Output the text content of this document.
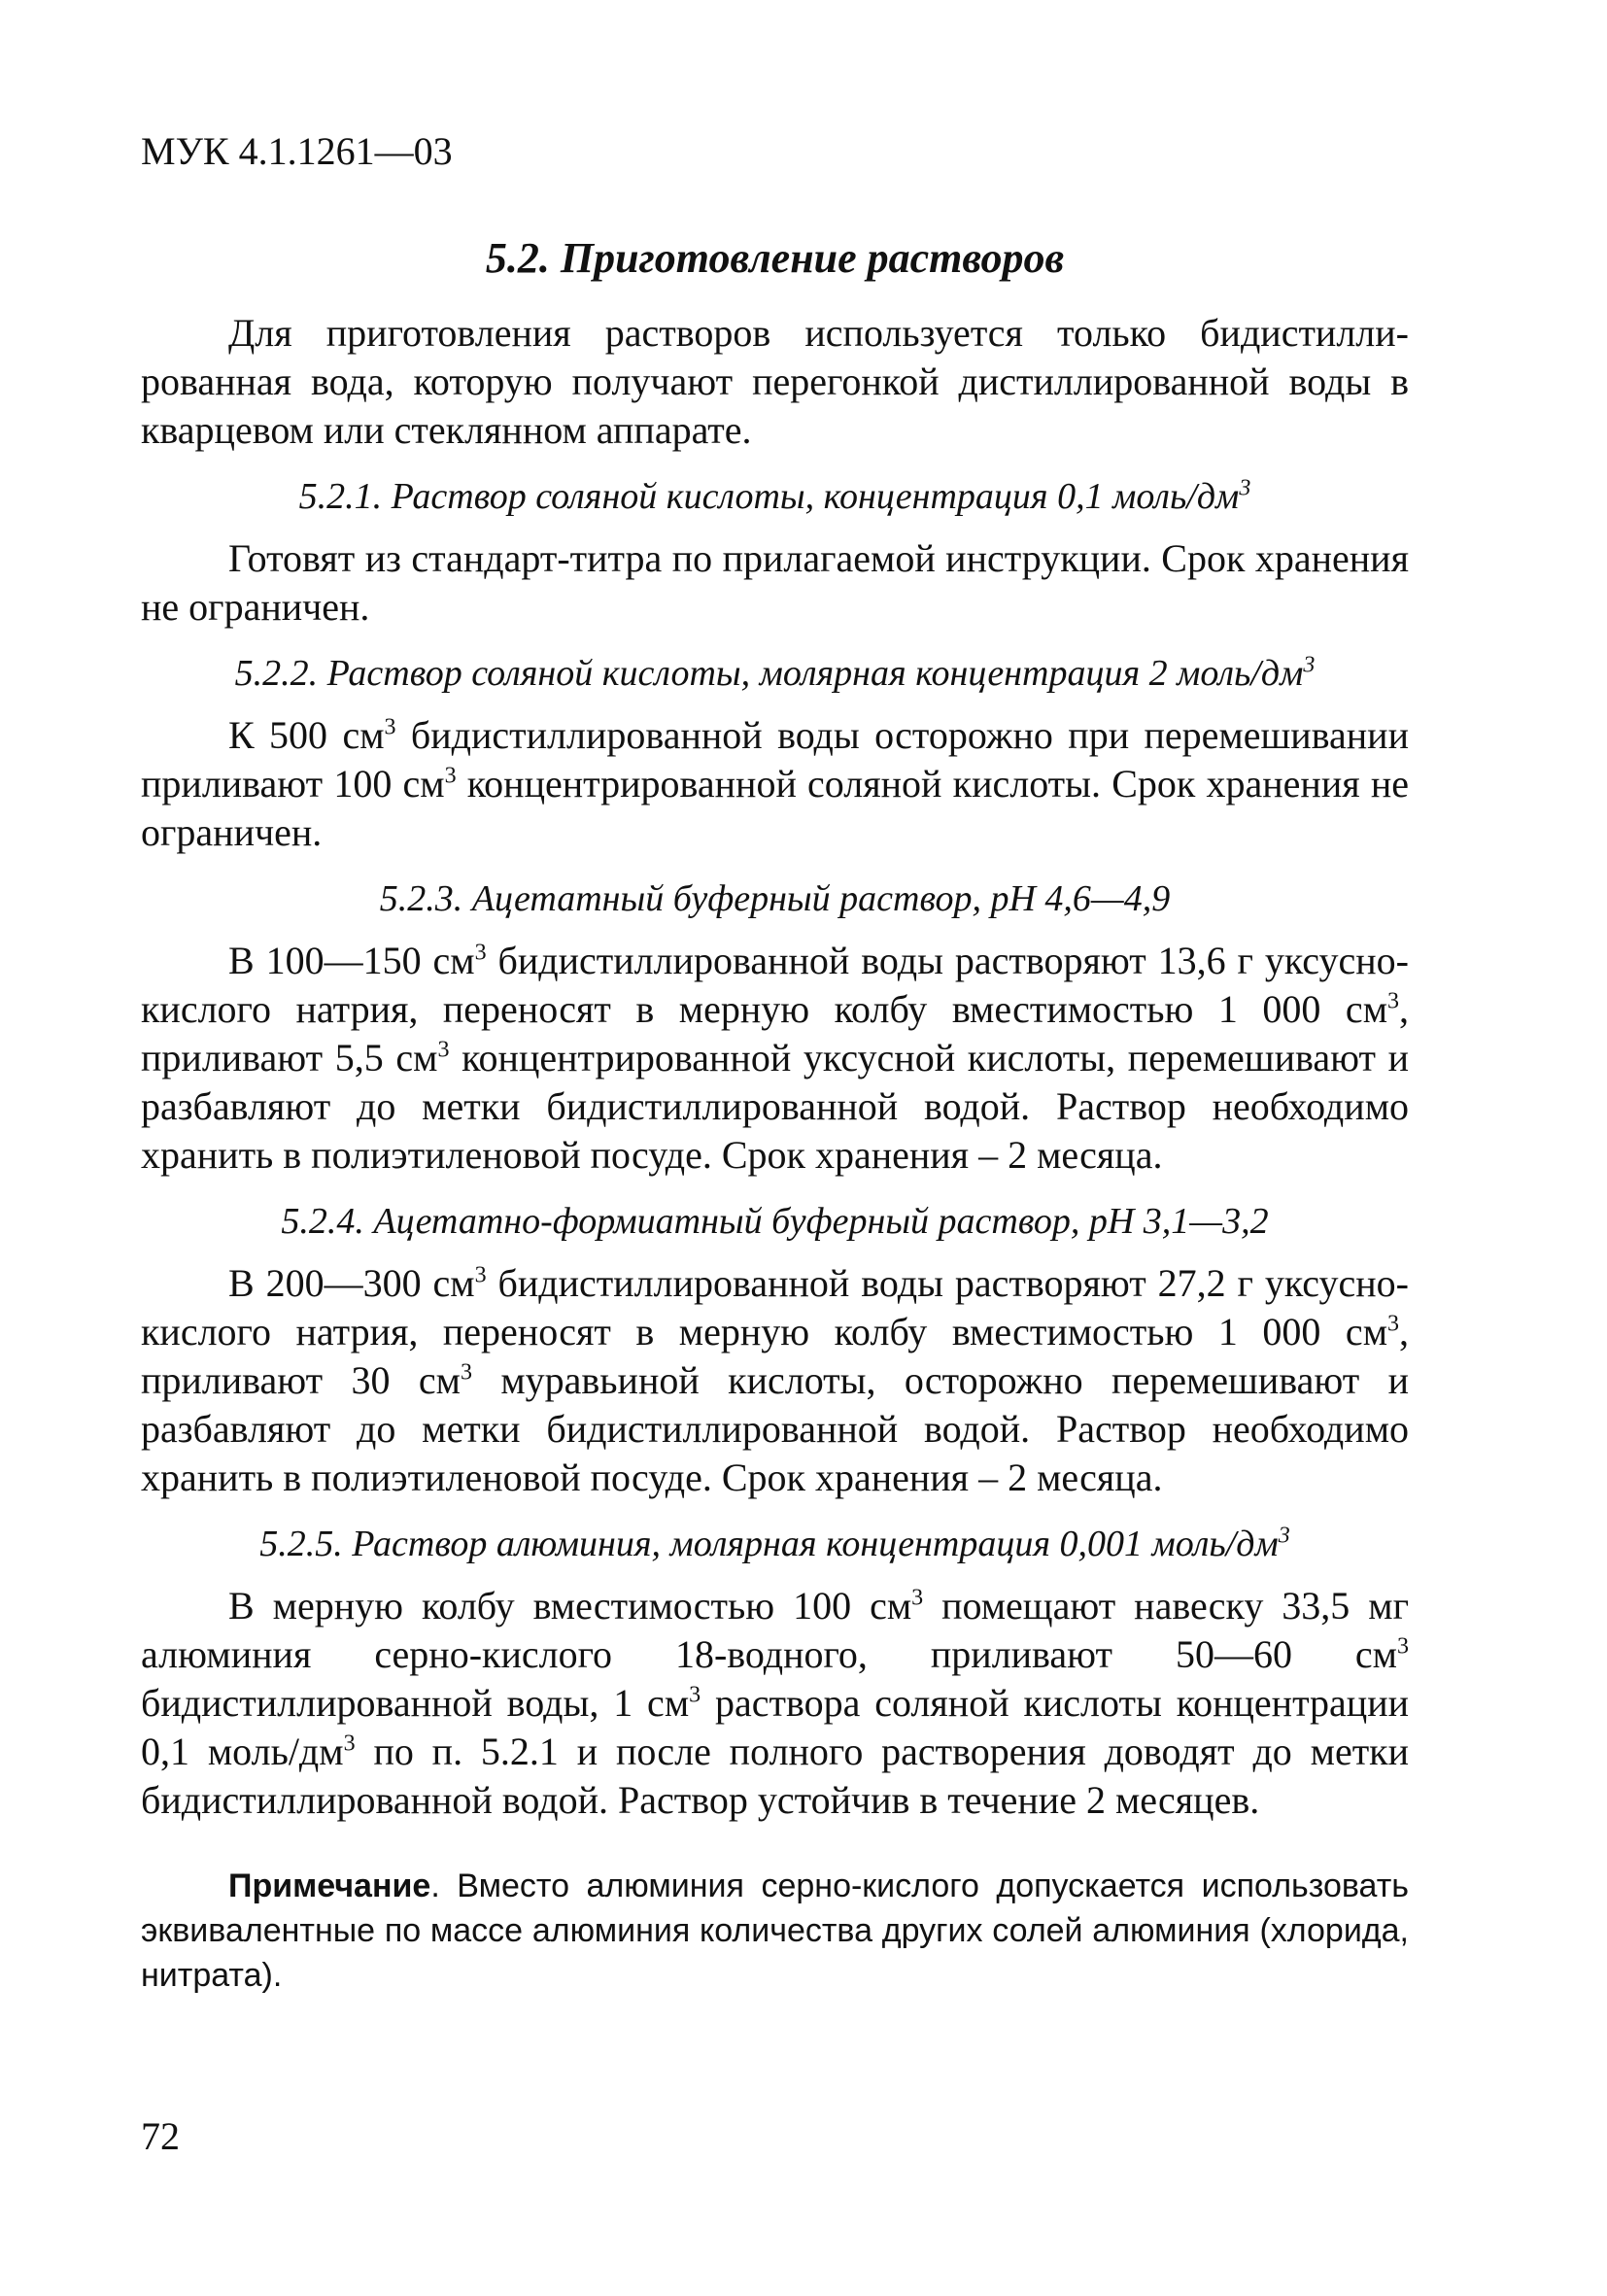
МУК 4.1.1261—03
5.2. Приготовление растворов

Для приготовления растворов используется только бидистиллированная вода, которую получают перегонкой дистиллированной воды в кварцевом или стеклянном аппарате.

5.2.1. Раствор соляной кислоты, концентрация 0,1 моль/$дм^3$

Готовят из стандарт-титра по прилагаемой инструкции. Срок хранения не ограничен.

5.2.2. Раствор соляной кислоты, молярная концентрация 2 моль/$дм^3$

К 500 $см^3$ бидистиллированной воды осторожно при перемешивании приливают 100 $см^3$ концентрированной соляной кислоты. Срок хранения не ограничен.

5.2.3. Ацетатный буферный раствор, рН 4,6—4,9

В 100—150 $см^3$ бидистиллированной воды растворяют 13,6 г уксусно-кислого натрия, переносят в мерную колбу вместимостью 1 000 $см^3$, приливают 5,5 $см^3$ концентрированной уксусной кислоты, перемешивают и разбавляют до метки бидистиллированной водой. Раствор необходимо хранить в полиэтиленовой посуде. Срок хранения – 2 месяца.

5.2.4. Ацетатно-формиатный буферный раствор, рН 3,1—3,2

В 200—300 $см^3$ бидистиллированной воды растворяют 27,2 г уксусно-кислого натрия, переносят в мерную колбу вместимостью 1 000 $см^3$, приливают 30 $см^3$ муравьиной кислоты, осторожно перемешивают и разбавляют до метки бидистиллированной водой. Раствор необходимо хранить в полиэтиленовой посуде. Срок хранения – 2 месяца.

5.2.5. Раствор алюминия, молярная концентрация 0,001 моль/$дм^3$

В мерную колбу вместимостью 100 $см^3$ помещают навеску 33,5 мг алюминия серно-кислого 18-водного, приливают 50—60 $см^3$ бидистиллированной воды, 1 $см^3$ раствора соляной кислоты концентрации 0,1 моль/$дм^3$ по п. 5.2.1 и после полного растворения доводят до метки бидистиллированной водой. Раствор устойчив в течение 2 месяцев.

Примечание. Вместо алюминия серно-кислого допускается использовать эквивалентные по массе алюминия количества других солей алюминия (хлорида, нитрата).

72
